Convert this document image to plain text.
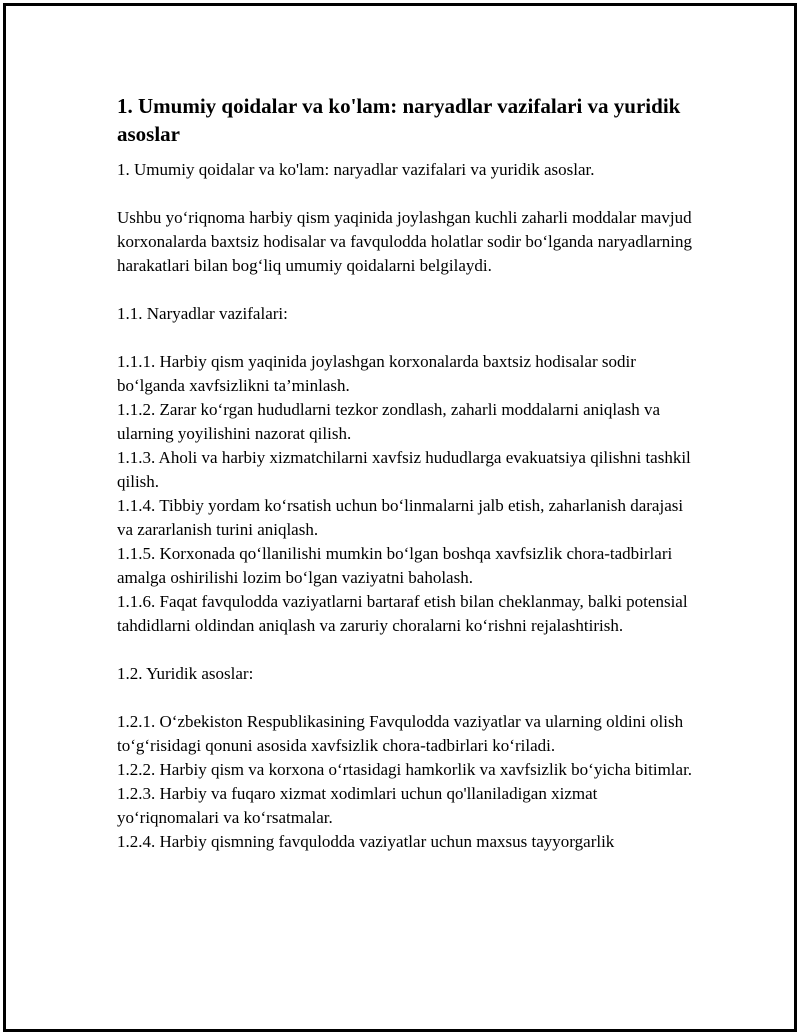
1. Umumiy qoidalar va ko'lam: naryadlar vazifalari va yuridik asoslar

1. Umumiy qoidalar va ko'lam: naryadlar vazifalari va yuridik asoslar.

Ushbu yo‘riqnoma harbiy qism yaqinida joylashgan kuchli zaharli moddalar mavjud korxonalarda baxtsiz hodisalar va favqulodda holatlar sodir bo‘lganda naryadlarning harakatlari bilan bog‘liq umumiy qoidalarni belgilaydi.

1.1. Naryadlar vazifalari:

1.1.1. Harbiy qism yaqinida joylashgan korxonalarda baxtsiz hodisalar sodir bo‘lganda xavfsizlikni ta’minlash.

1.1.2. Zarar ko‘rgan hududlarni tezkor zondlash, zaharli moddalarni aniqlash va ularning yoyilishini nazorat qilish.

1.1.3. Aholi va harbiy xizmatchilarni xavfsiz hududlarga evakuatsiya qilishni tashkil qilish.

1.1.4. Tibbiy yordam ko‘rsatish uchun bo‘linmalarni jalb etish, zaharlanish darajasi va zararlanish turini aniqlash.

1.1.5. Korxonada qo‘llanilishi mumkin bo‘lgan boshqa xavfsizlik chora-tadbirlari amalga oshirilishi lozim bo‘lgan vaziyatni baholash.

1.1.6. Faqat favqulodda vaziyatlarni bartaraf etish bilan cheklanmay, balki potensial tahdidlarni oldindan aniqlash va zaruriy choralarni ko‘rishni rejalashtirish.

1.2. Yuridik asoslar:

1.2.1. O‘zbekiston Respublikasining Favqulodda vaziyatlar va ularning oldini olish to‘g‘risidagi qonuni asosida xavfsizlik chora-tadbirlari ko‘riladi.

1.2.2. Harbiy qism va korxona o‘rtasidagi hamkorlik va xavfsizlik bo‘yicha bitimlar.

1.2.3. Harbiy va fuqaro xizmat xodimlari uchun qo'llaniladigan xizmat yo‘riqnomalari va ko‘rsatmalar.

1.2.4. Harbiy qismning favqulodda vaziyatlar uchun maxsus tayyorgarlik
